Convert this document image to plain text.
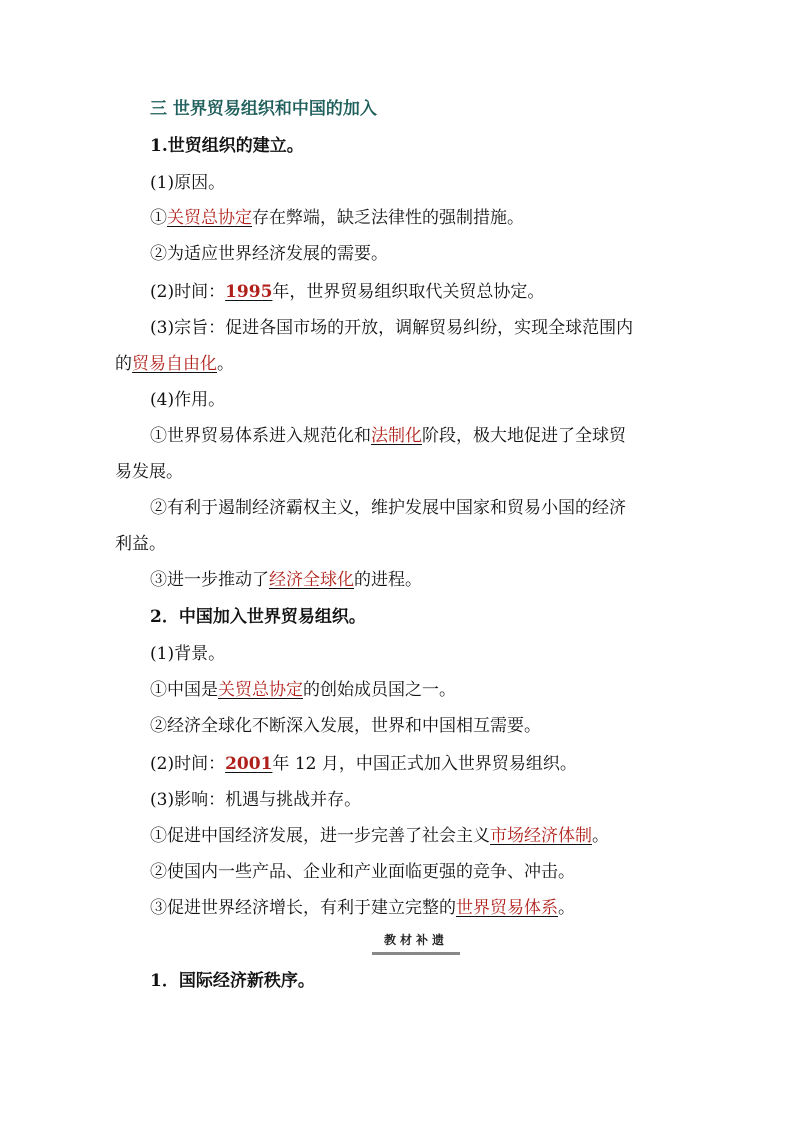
三 世界贸易组织和中国的加入
1.世贸组织的建立。
(1)原因。
①关贸总协定存在弊端，缺乏法律性的强制措施。
②为适应世界经济发展的需要。
(2)时间：1995年，世界贸易组织取代关贸总协定。
(3)宗旨：促进各国市场的开放，调解贸易纠纷，实现全球范围内
的贸易自由化。
(4)作用。
①世界贸易体系进入规范化和法制化阶段，极大地促进了全球贸
易发展。
②有利于遏制经济霸权主义，维护发展中国家和贸易小国的经济
利益。
③进一步推动了经济全球化的进程。
2．中国加入世界贸易组织。
(1)背景。
①中国是关贸总协定的创始成员国之一。
②经济全球化不断深入发展，世界和中国相互需要。
(2)时间：2001年 12 月，中国正式加入世界贸易组织。
(3)影响：机遇与挑战并存。
①促进中国经济发展，进一步完善了社会主义市场经济体制。
②使国内一些产品、企业和产业面临更强的竞争、冲击。
③促进世界经济增长，有利于建立完整的世界贸易体系。
教材补遗
1．国际经济新秩序。
